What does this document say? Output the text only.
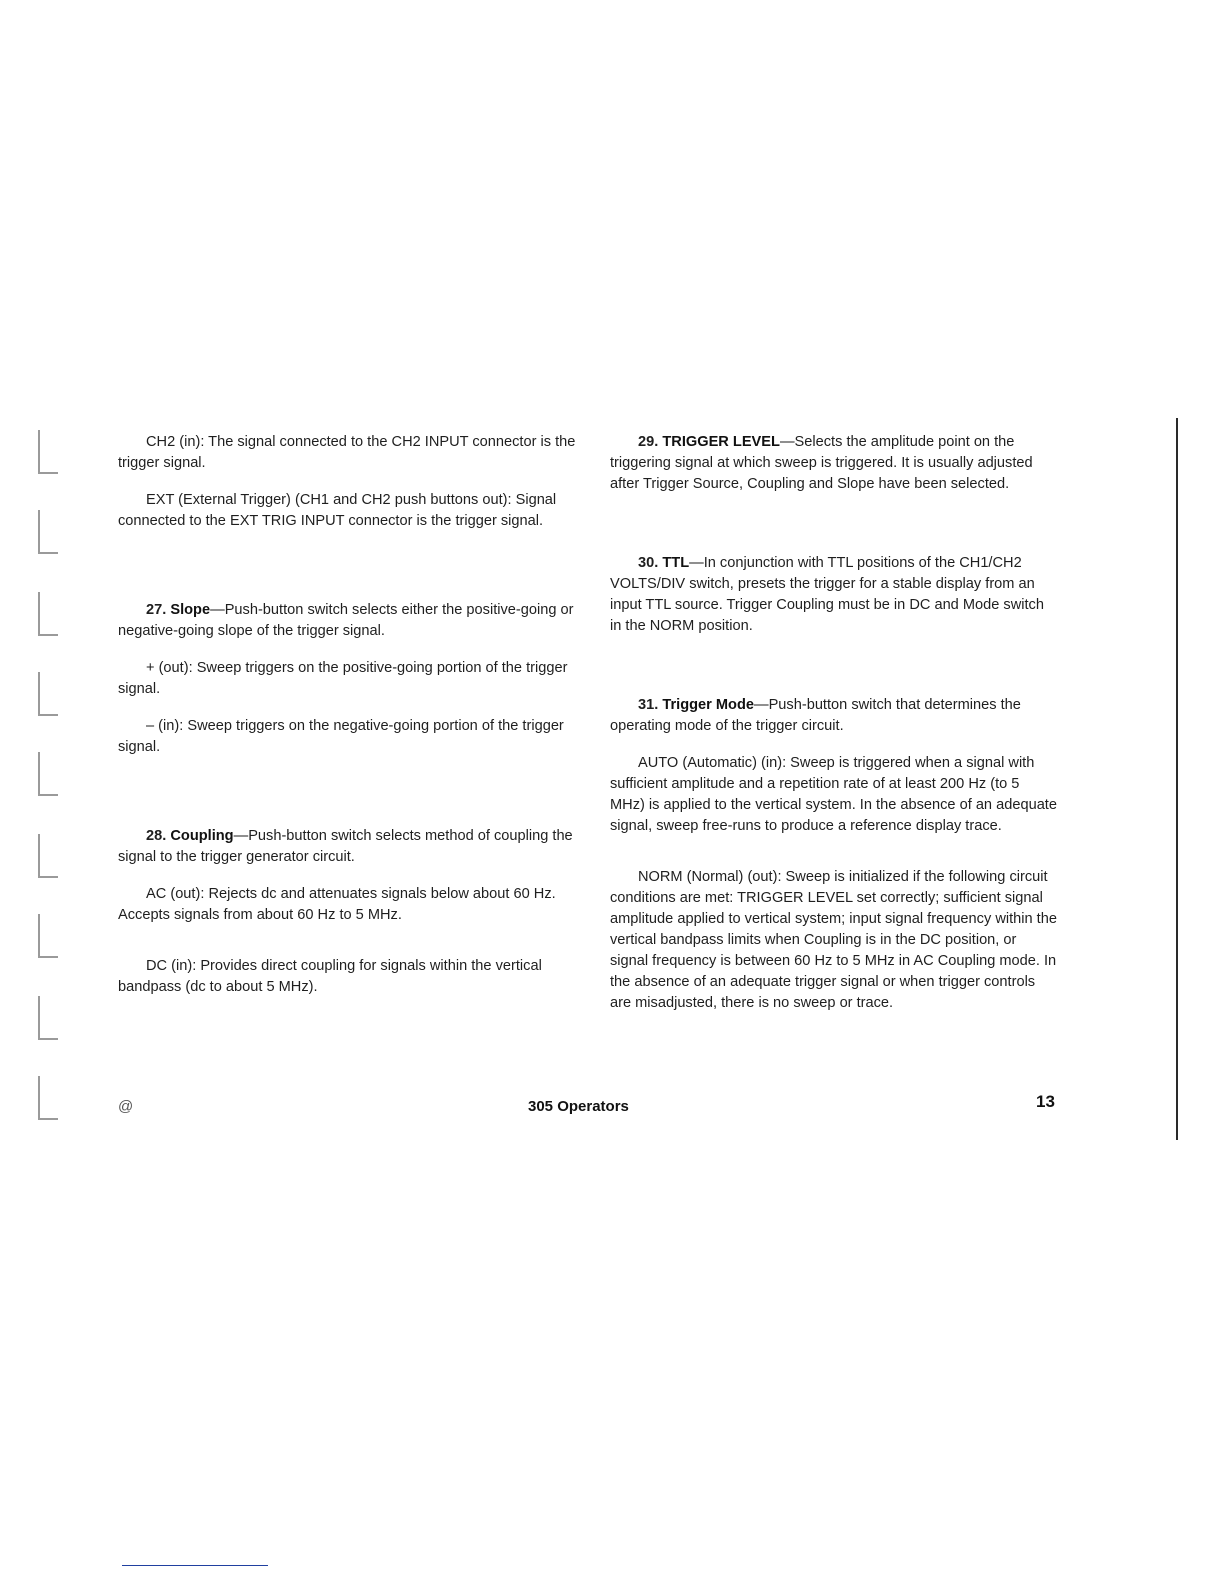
CH2 (in): The signal connected to the CH2 INPUT connector is the trigger signal.

EXT (External Trigger) (CH1 and CH2 push buttons out): Signal connected to the EXT TRIG INPUT connector is the trigger signal.

27. Slope—Push-button switch selects either the positive-going or negative-going slope of the trigger signal.

+ (out): Sweep triggers on the positive-going portion of the trigger signal.

– (in): Sweep triggers on the negative-going portion of the trigger signal.

28. Coupling—Push-button switch selects method of coupling the signal to the trigger generator circuit.

AC (out): Rejects dc and attenuates signals below about 60 Hz. Accepts signals from about 60 Hz to 5 MHz.

DC (in): Provides direct coupling for signals within the vertical bandpass (dc to about 5 MHz).

29. TRIGGER LEVEL—Selects the amplitude point on the triggering signal at which sweep is triggered. It is usually adjusted after Trigger Source, Coupling and Slope have been selected.

30. TTL—In conjunction with TTL positions of the CH1/CH2 VOLTS/DIV switch, presets the trigger for a stable display from an input TTL source. Trigger Coupling must be in DC and Mode switch in the NORM position.

31. Trigger Mode—Push-button switch that determines the operating mode of the trigger circuit.

AUTO (Automatic) (in): Sweep is triggered when a signal with sufficient amplitude and a repetition rate of at least 200 Hz (to 5 MHz) is applied to the vertical system. In the absence of an adequate signal, sweep free-runs to produce a reference display trace.

NORM (Normal) (out): Sweep is initialized if the following circuit conditions are met: TRIGGER LEVEL set correctly; sufficient signal amplitude applied to vertical system; input signal frequency within the vertical bandpass limits when Coupling is in the DC position, or signal frequency is between 60 Hz to 5 MHz in AC Coupling mode. In the absence of an adequate trigger signal or when trigger controls are misadjusted, there is no sweep or trace.

@	305 Operators	13
